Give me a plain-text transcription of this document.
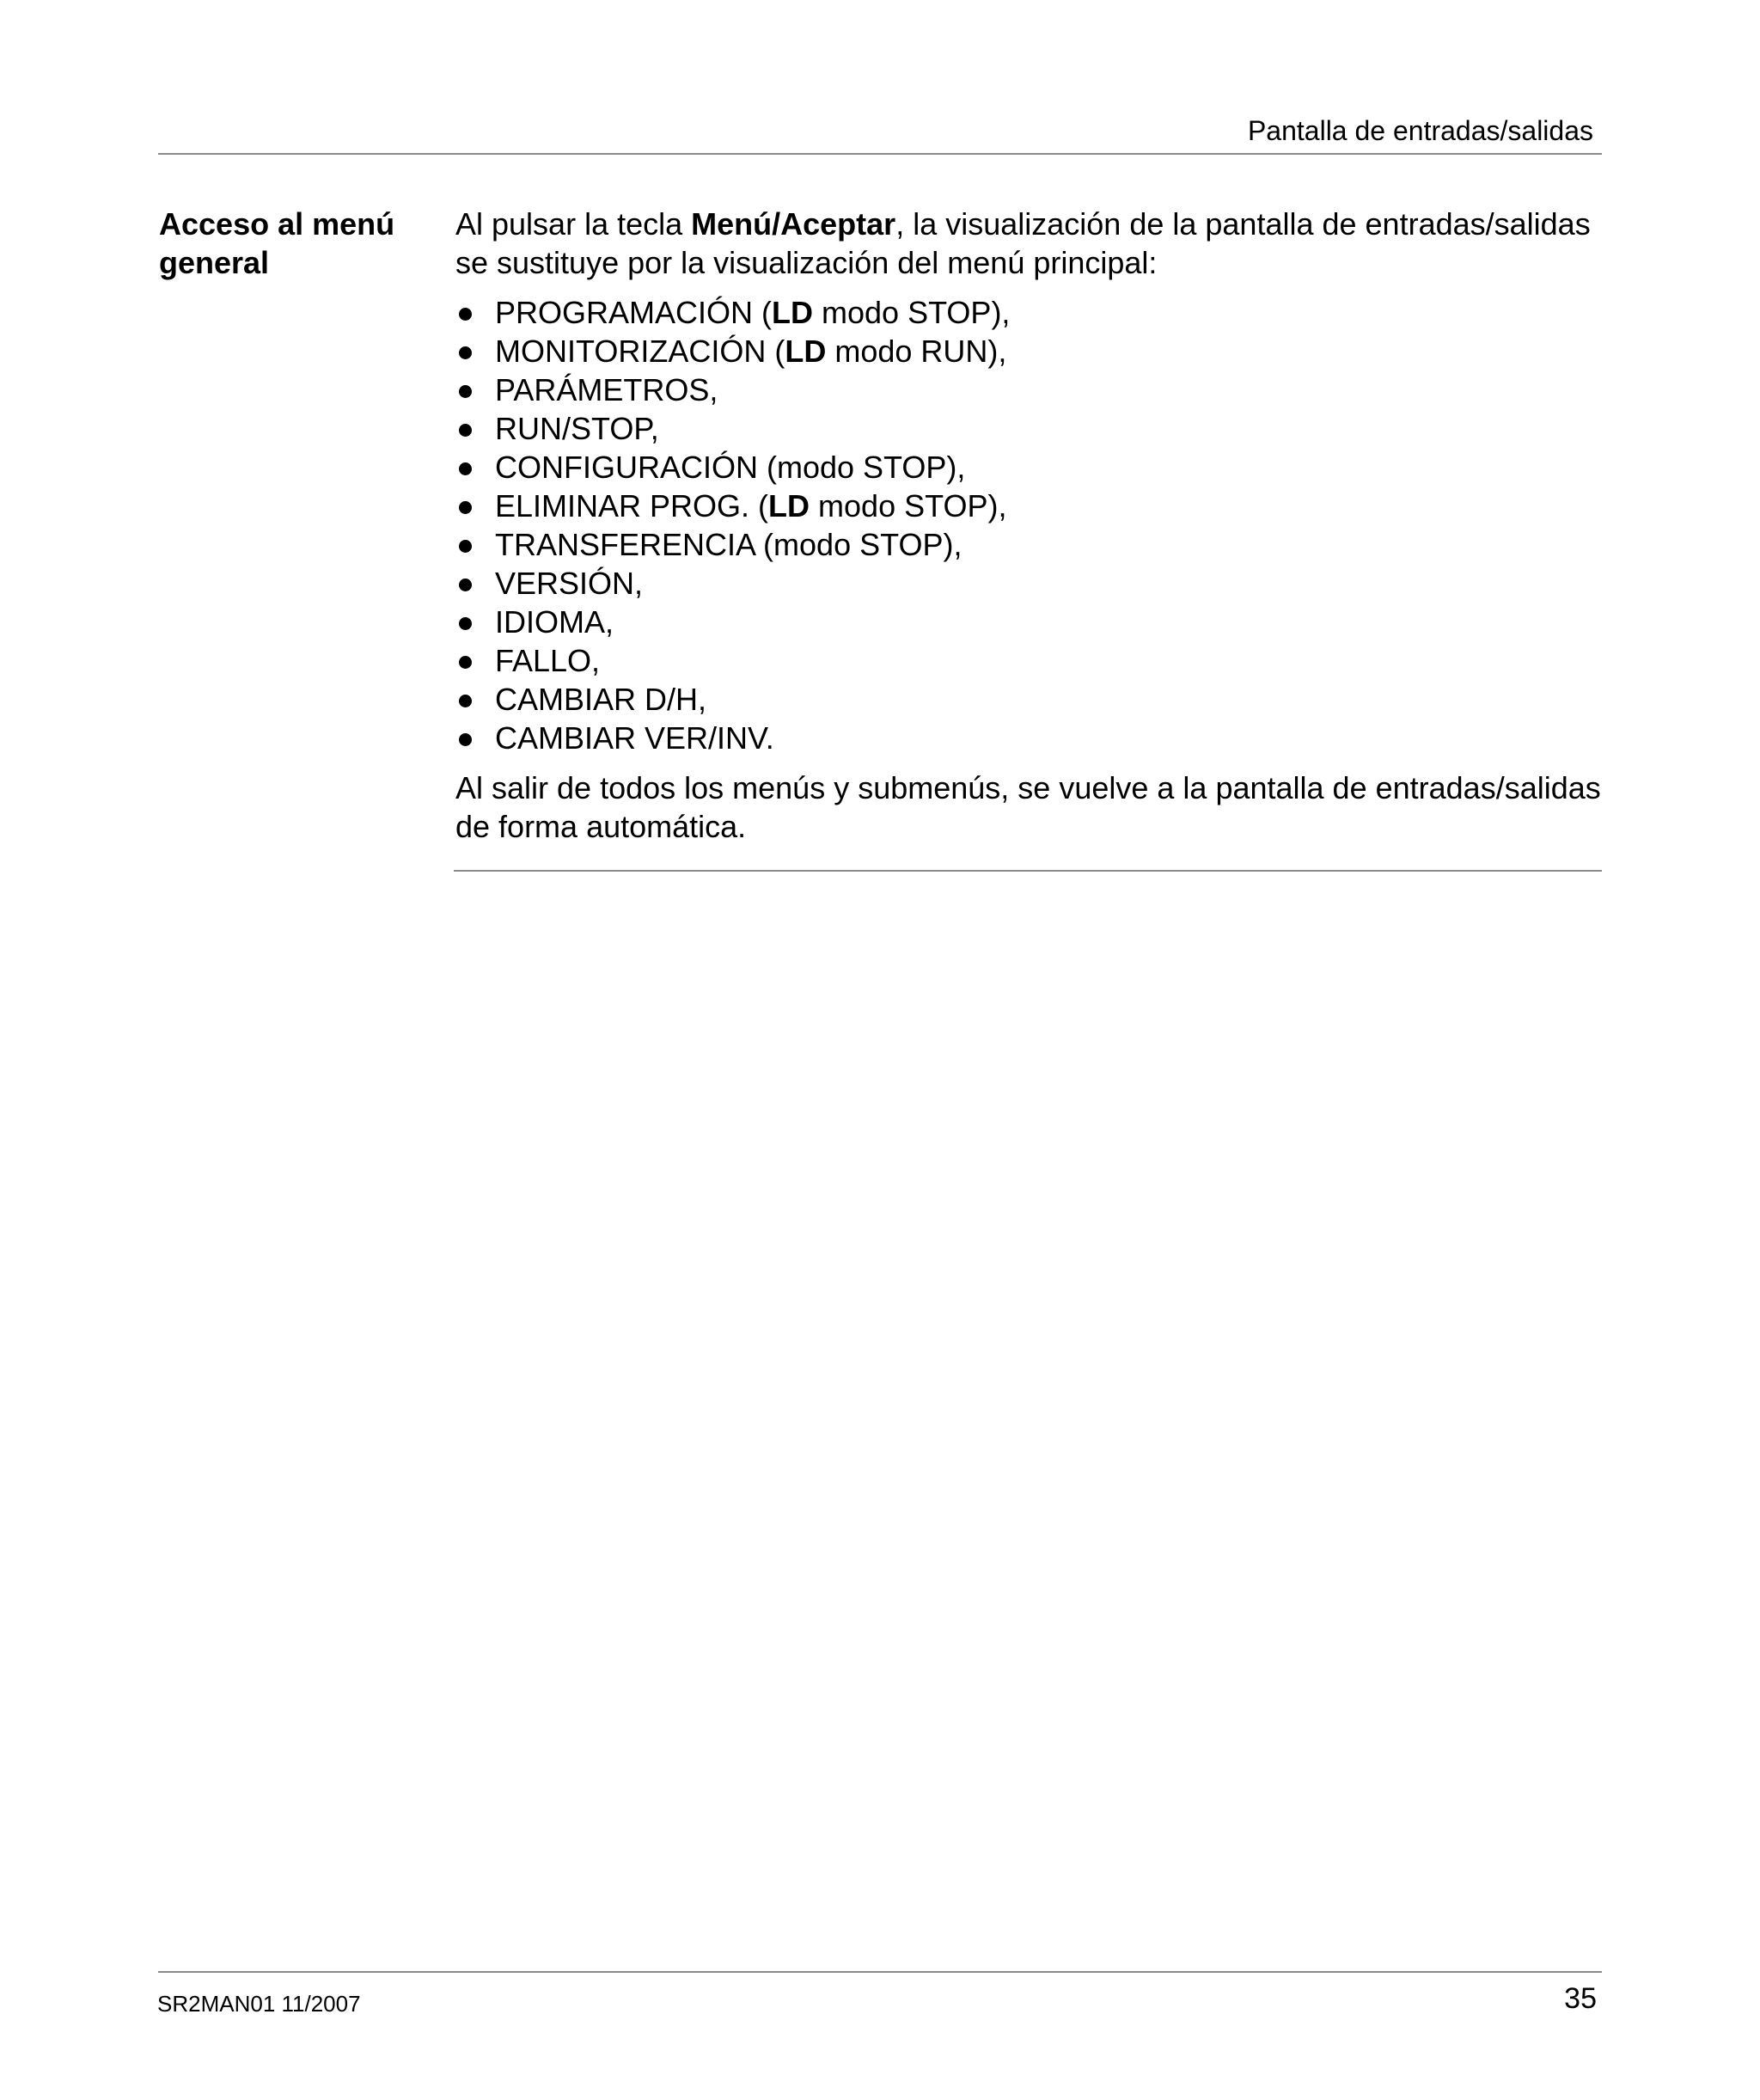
Pantalla de entradas/salidas
Acceso al menú
general

Al pulsar la tecla Menú/Aceptar, la visualización de la pantalla de entradas/salidas se sustituye por la visualización del menú principal:

PROGRAMACIÓN (LD modo STOP),
MONITORIZACIÓN (LD modo RUN),
PARÁMETROS,
RUN/STOP,
CONFIGURACIÓN (modo STOP),
ELIMINAR PROG. (LD modo STOP),
TRANSFERENCIA (modo STOP),
VERSIÓN,
IDIOMA,
FALLO,
CAMBIAR D/H,
CAMBIAR VER/INV.

Al salir de todos los menús y submenús, se vuelve a la pantalla de entradas/salidas de forma automática.

SR2MAN01 11/2007	35
